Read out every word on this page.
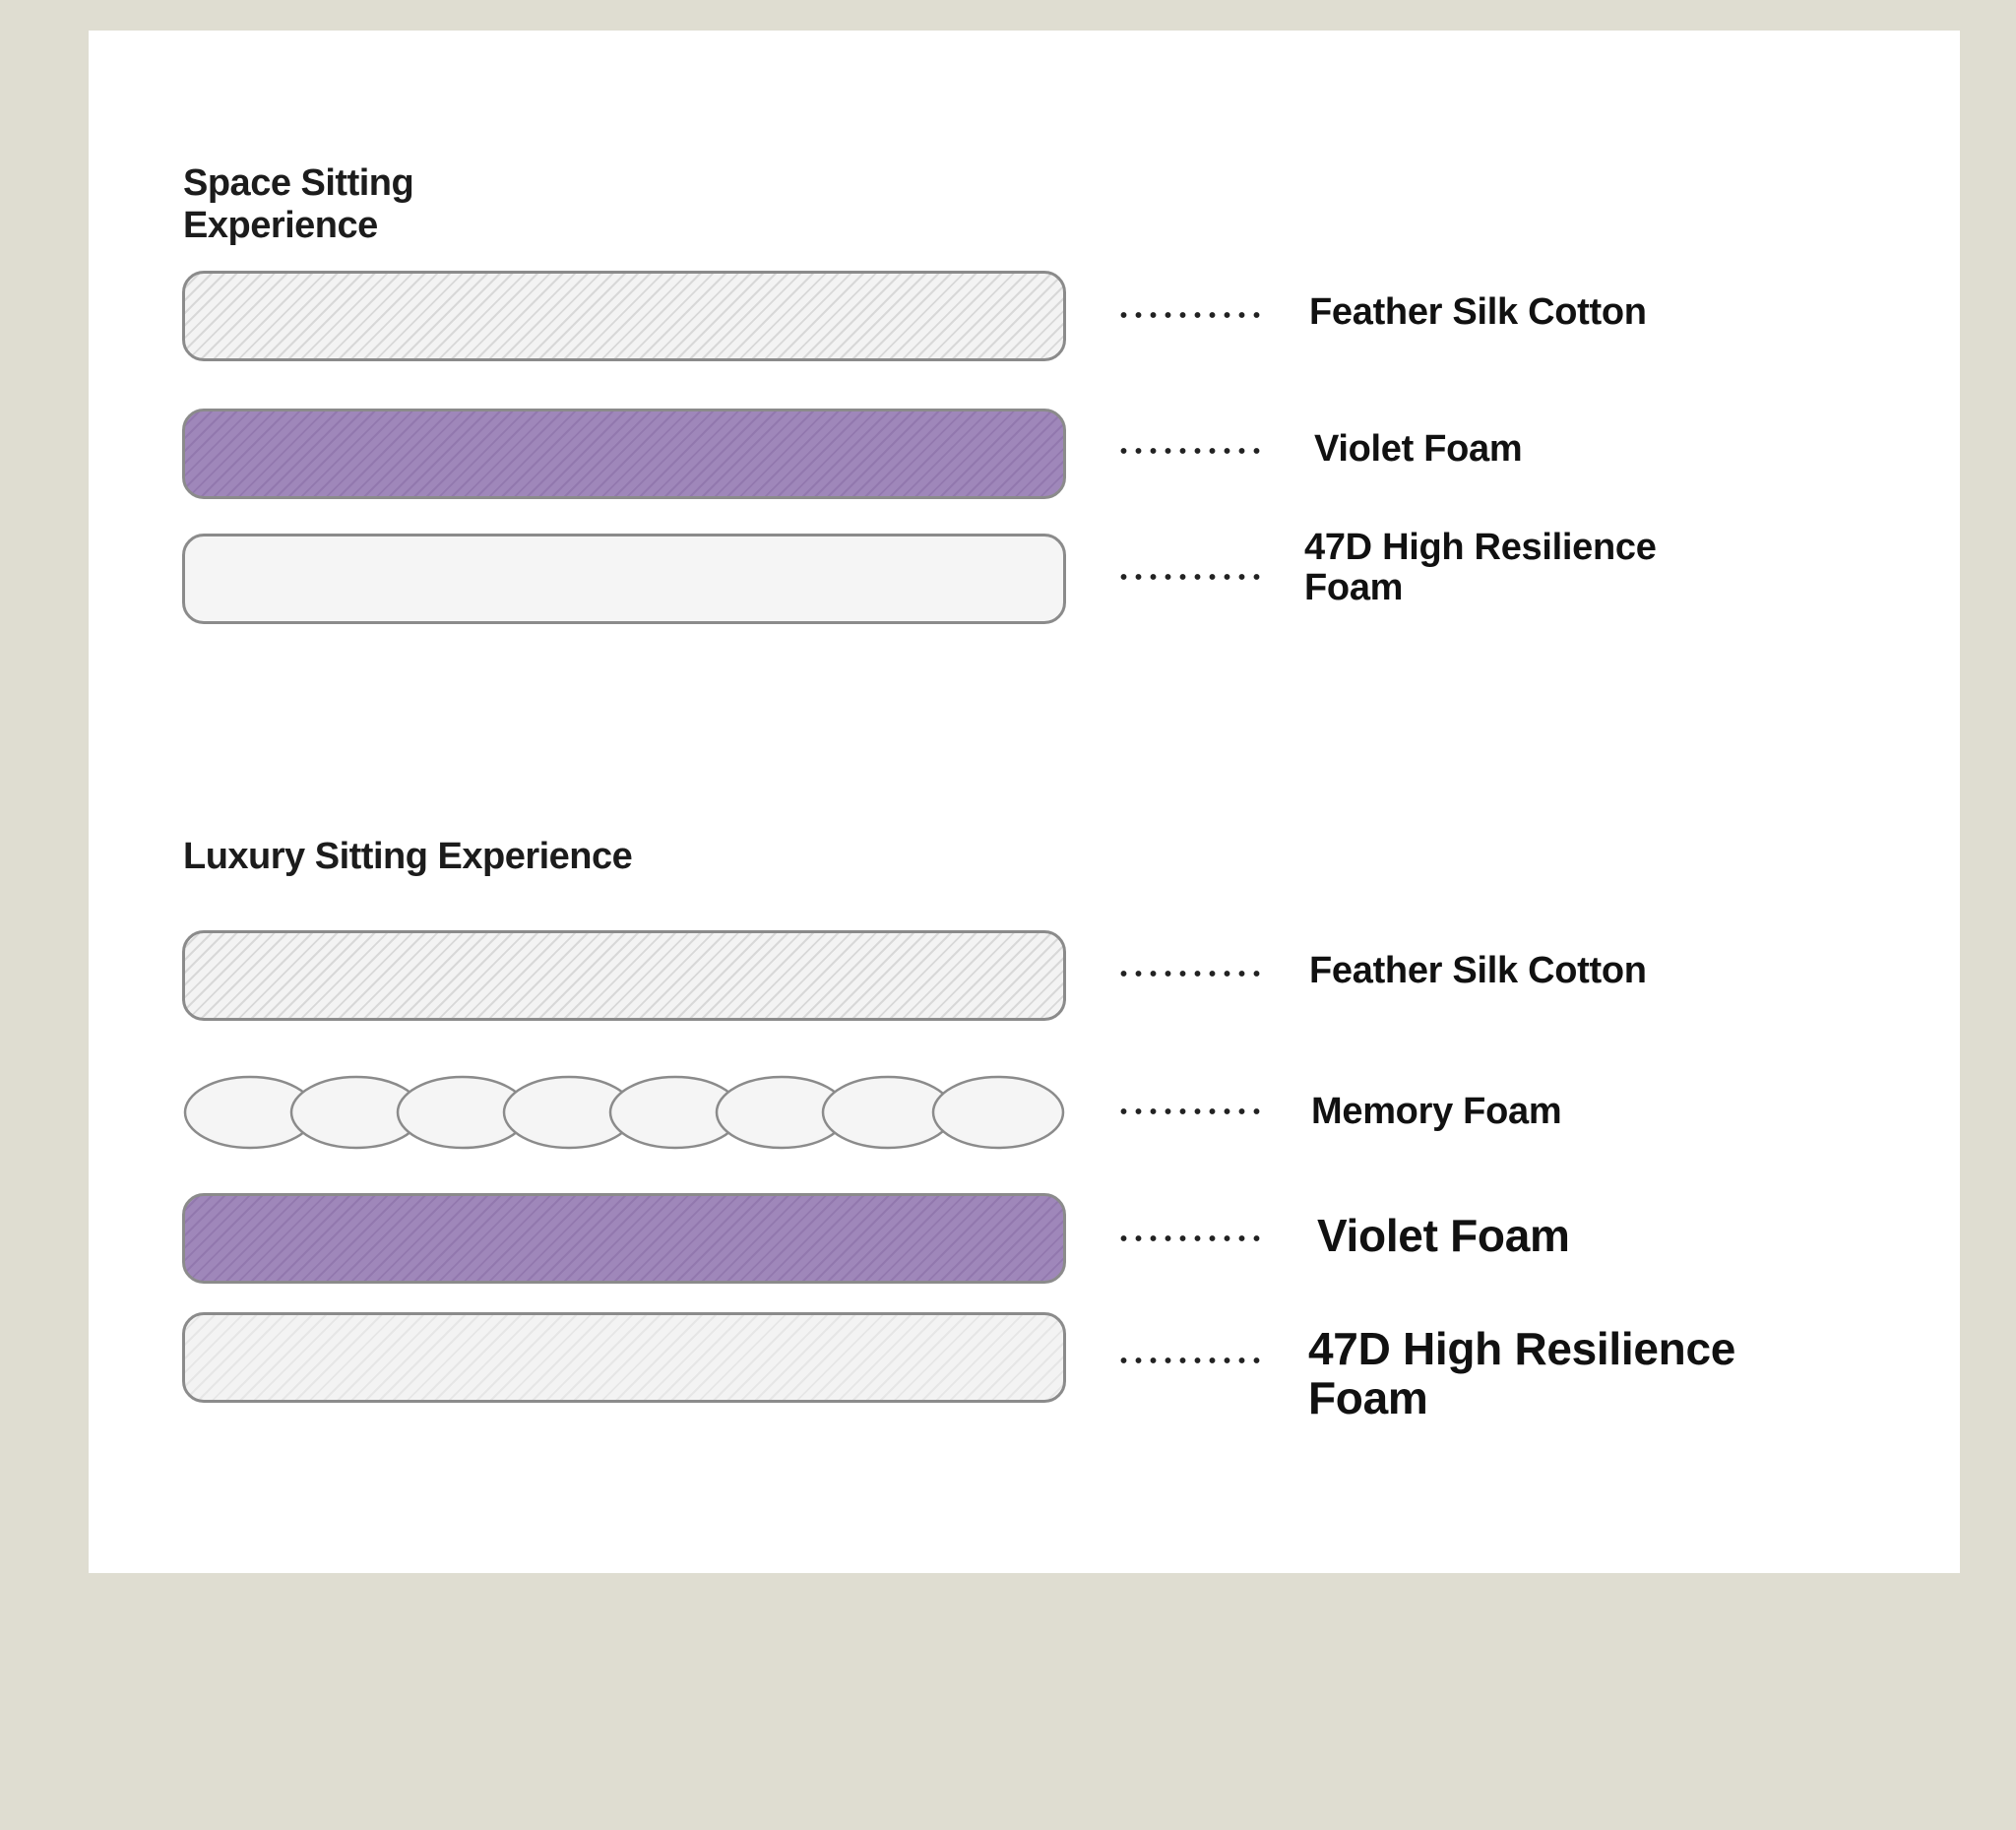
Space Sitting Experience

Feather Silk Cotton

Violet Foam

47D High Resilience Foam

Luxury Sitting Experience

Feather Silk Cotton

Memory Foam

Violet Foam

47D High Resilience Foam
